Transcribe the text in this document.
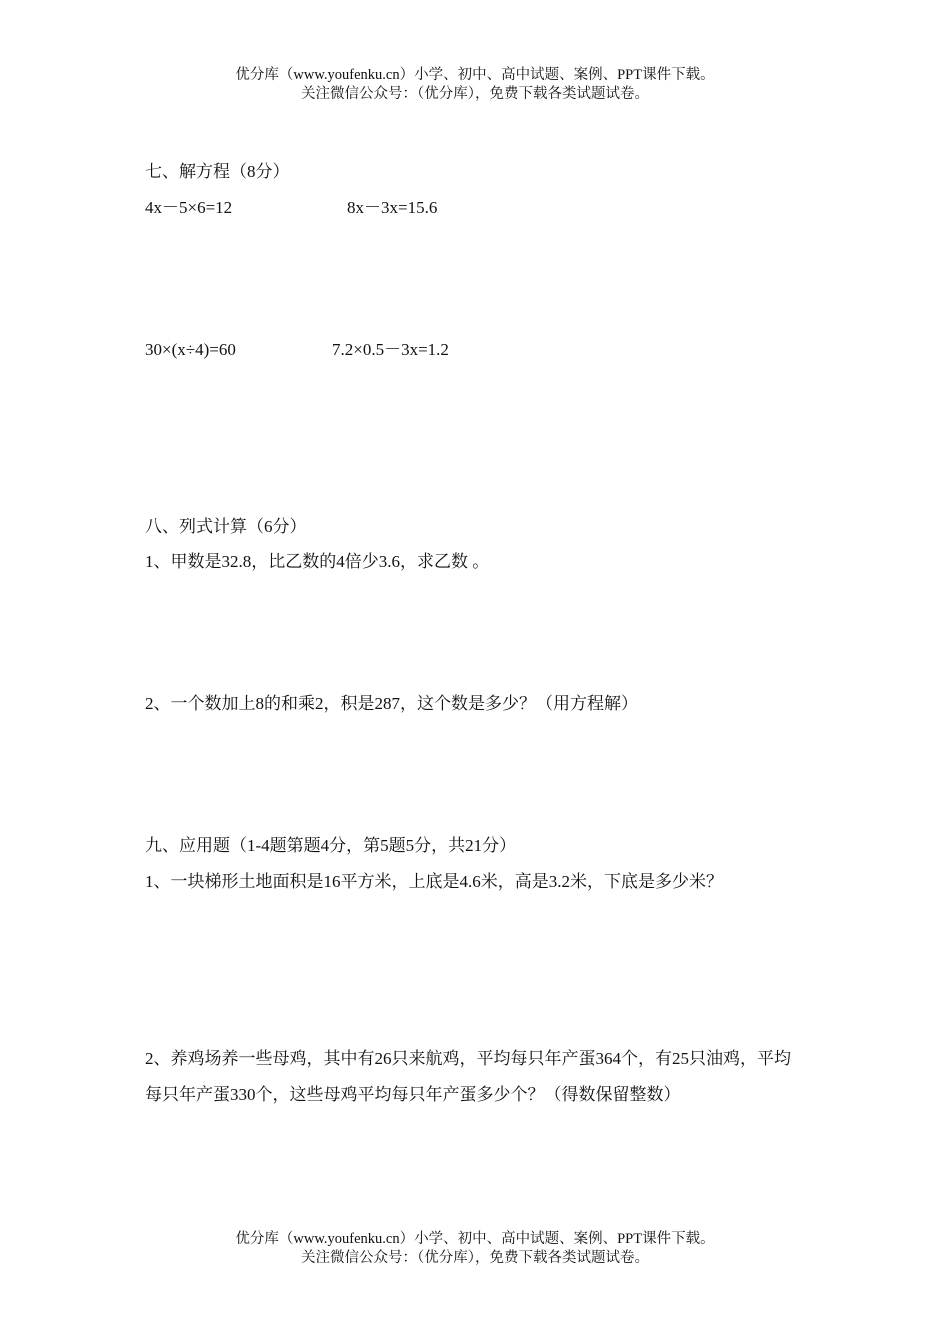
优分库（www.youfenku.cn）小学、初中、高中试题、案例、PPT课件下载。
关注微信公众号：（优分库），免费下载各类试题试卷。
七、解方程（8分）
4x－5×6=12	8x－3x=15.6
30×(x÷4)=60	7.2×0.5－3x=1.2
八、列式计算（6分）
1、甲数是32.8，比乙数的4倍少3.6，求乙数 。
2、一个数加上8的和乘2，积是287，这个数是多少？（用方程解）
九、应用题（1-4题第题4分，第5题5分，共21分）
1、一块梯形土地面积是16平方米，上底是4.6米，高是3.2米，下底是多少米？
2、养鸡场养一些母鸡，其中有26只来航鸡，平均每只年产蛋364个，有25只油鸡，平均每只年产蛋330个，这些母鸡平均每只年产蛋多少个？（得数保留整数）
优分库（www.youfenku.cn）小学、初中、高中试题、案例、PPT课件下载。
关注微信公众号：（优分库），免费下载各类试题试卷。
